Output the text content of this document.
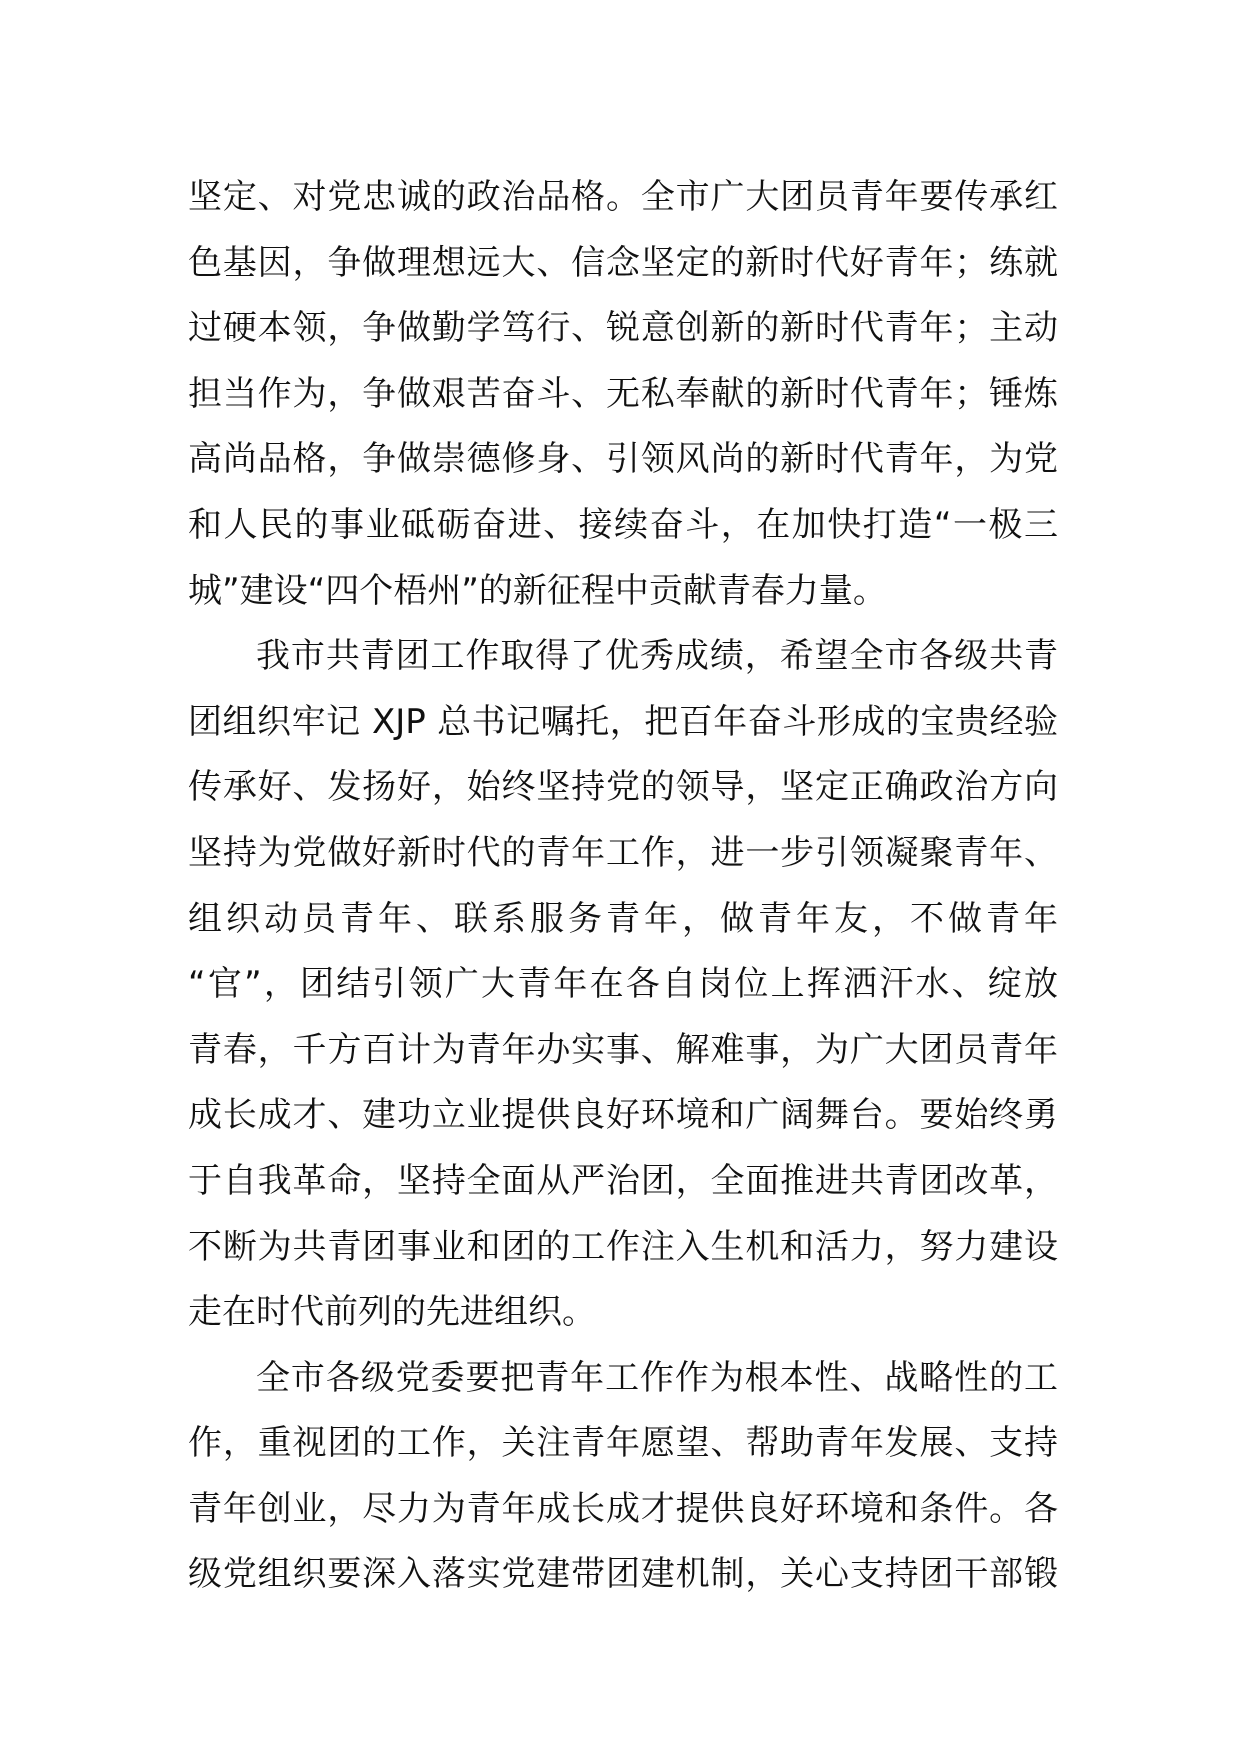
坚定、对党忠诚的政治品格。全市广大团员青年要传承红
色基因，争做理想远大、信念坚定的新时代好青年；练就
过硬本领，争做勤学笃行、锐意创新的新时代青年；主动
担当作为，争做艰苦奋斗、无私奉献的新时代青年；锤炼
高尚品格，争做崇德修身、引领风尚的新时代青年，为党
和人民的事业砥砺奋进、接续奋斗，在加快打造“一极三
城”建设“四个梧州”的新征程中贡献青春力量。
我市共青团工作取得了优秀成绩，希望全市各级共青
团组织牢记 XJP 总书记嘱托，把百年奋斗形成的宝贵经验
传承好、发扬好，始终坚持党的领导，坚定正确政治方向
坚持为党做好新时代的青年工作，进一步引领凝聚青年、
组织动员青年、联系服务青年，做青年友，不做青年
“官”，团结引领广大青年在各自岗位上挥洒汗水、绽放
青春，千方百计为青年办实事、解难事，为广大团员青年
成长成才、建功立业提供良好环境和广阔舞台。要始终勇
于自我革命，坚持全面从严治团，全面推进共青团改革，
不断为共青团事业和团的工作注入生机和活力，努力建设
走在时代前列的先进组织。
全市各级党委要把青年工作作为根本性、战略性的工
作，重视团的工作，关注青年愿望、帮助青年发展、支持
青年创业，尽力为青年成长成才提供良好环境和条件。各
级党组织要深入落实党建带团建机制，关心支持团干部锻
